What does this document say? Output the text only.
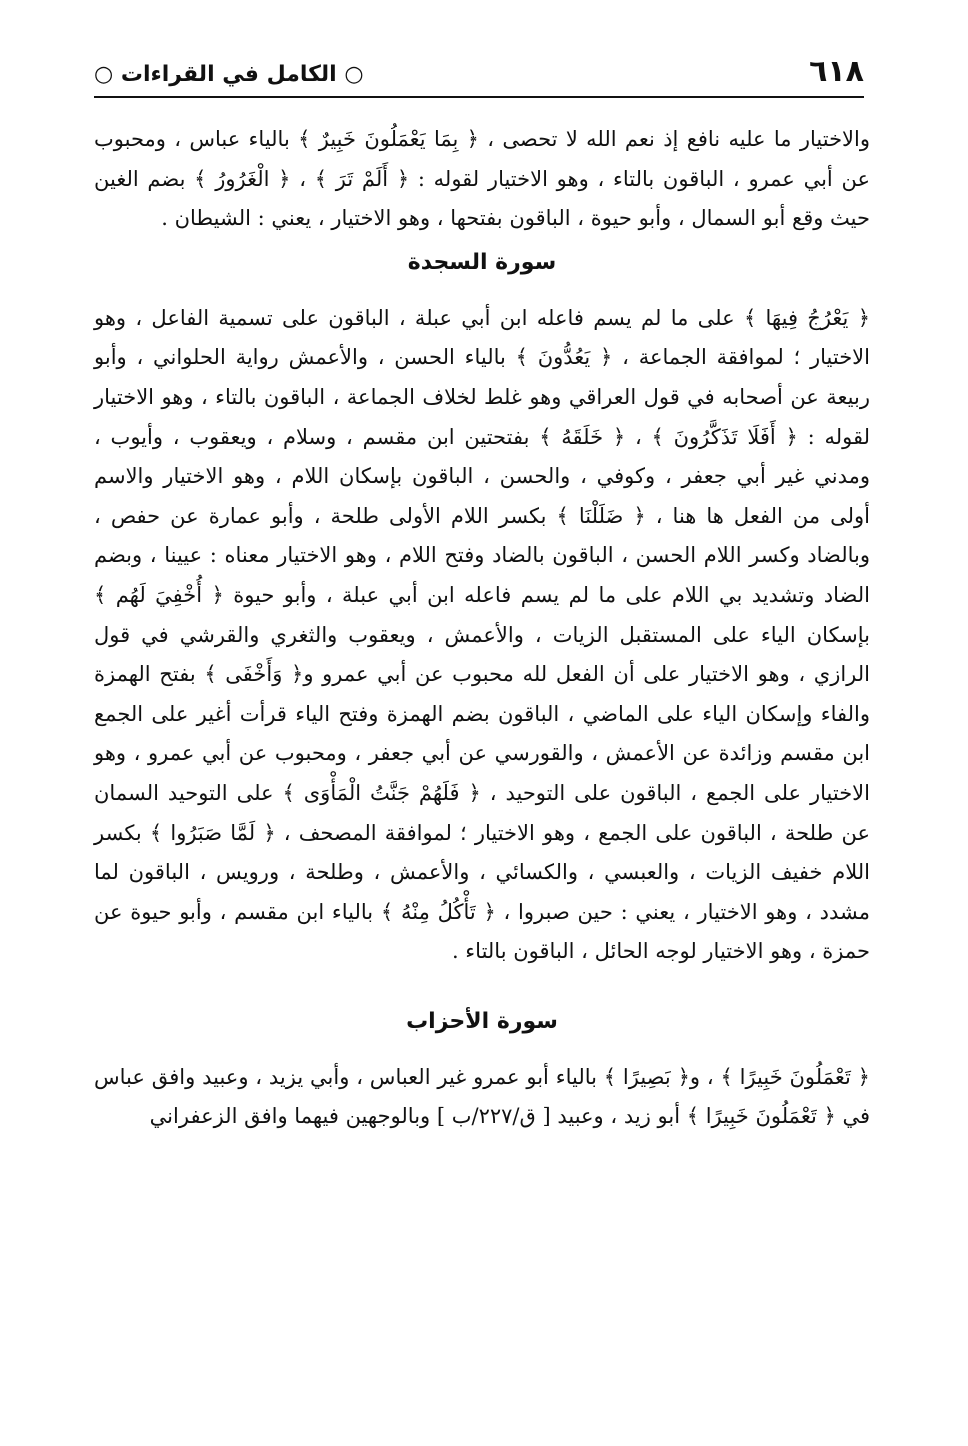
٦١٨
○ الكامل في القراءات ○

والاختيار ما عليه نافع إذ نعم الله لا تحصى ، ﴿ بِمَا يَعْمَلُونَ خَبِيرٌ ﴾ بالياء عباس ، ومحبوب عن أبي عمرو ، الباقون بالتاء ، وهو الاختيار لقوله : ﴿ أَلَمْ تَرَ ﴾ ، ﴿ الْغَرُورُ ﴾ بضم الغين حيث وقع أبو السمال ، وأبو حيوة ، الباقون بفتحها ، وهو الاختيار ، يعني : الشيطان .

سورة السجدة

﴿ يَعْرُجُ فِيهَا ﴾ على ما لم يسم فاعله ابن أبي عبلة ، الباقون على تسمية الفاعل ، وهو الاختيار ؛ لموافقة الجماعة ، ﴿ يَعُدُّونَ ﴾ بالياء الحسن ، والأعمش رواية الحلواني ، وأبو ربيعة عن أصحابه في قول العراقي وهو غلط لخلاف الجماعة ، الباقون بالتاء ، وهو الاختيار لقوله : ﴿ أَفَلَا تَذَكَّرُونَ ﴾ ، ﴿ خَلَقَهُ ﴾ بفتحتين ابن مقسم ، وسلام ، ويعقوب ، وأيوب ، ومدني غير أبي جعفر ، وكوفي ، والحسن ، الباقون بإسكان اللام ، وهو الاختيار والاسم أولى من الفعل ها هنا ، ﴿ ضَلَلْنَا ﴾ بكسر اللام الأولى طلحة ، وأبو عمارة عن حفص ، وبالضاد وكسر اللام الحسن ، الباقون بالضاد وفتح اللام ، وهو الاختيار معناه : عيينا ، وبضم الضاد وتشديد بي اللام على ما لم يسم فاعله ابن أبي عبلة ، وأبو حيوة ﴿ أُخْفِيَ لَهُم ﴾ بإسكان الياء على المستقبل الزيات ، والأعمش ، ويعقوب والثغري والقرشي في قول الرازي ، وهو الاختيار على أن الفعل لله محبوب عن أبي عمرو و﴿ وَأَخْفَى ﴾ بفتح الهمزة والفاء وإسكان الياء على الماضي ، الباقون بضم الهمزة وفتح الياء قرأت أغير على الجمع ابن مقسم وزائدة عن الأعمش ، والقورسي عن أبي جعفر ، ومحبوب عن أبي عمرو ، وهو الاختيار على الجمع ، الباقون على التوحيد ، ﴿ فَلَهُمْ جَنَّتُ الْمَأْوَى ﴾ على التوحيد السمان عن طلحة ، الباقون على الجمع ، وهو الاختيار ؛ لموافقة المصحف ، ﴿ لَمَّا صَبَرُوا ﴾ بكسر اللام خفيف الزيات ، والعبسي ، والكسائي ، والأعمش ، وطلحة ، ورويس ، الباقون لما مشدد ، وهو الاختيار ، يعني : حين صبروا ، ﴿ تَأْكُلُ مِنْهُ ﴾ بالياء ابن مقسم ، وأبو حيوة عن حمزة ، وهو الاختيار لوجه الحائل ، الباقون بالتاء .

سورة الأحزاب

﴿ تَعْمَلُونَ خَبِيرًا ﴾ ، و﴿ بَصِيرًا ﴾ بالياء أبو عمرو غير العباس ، وأبي يزيد ، وعبيد وافق عباس في ﴿ تَعْمَلُونَ خَبِيرًا ﴾ أبو زيد ، وعبيد [ ق/٢٢٧/ب ] وبالوجهين فيهما وافق الزعفراني
